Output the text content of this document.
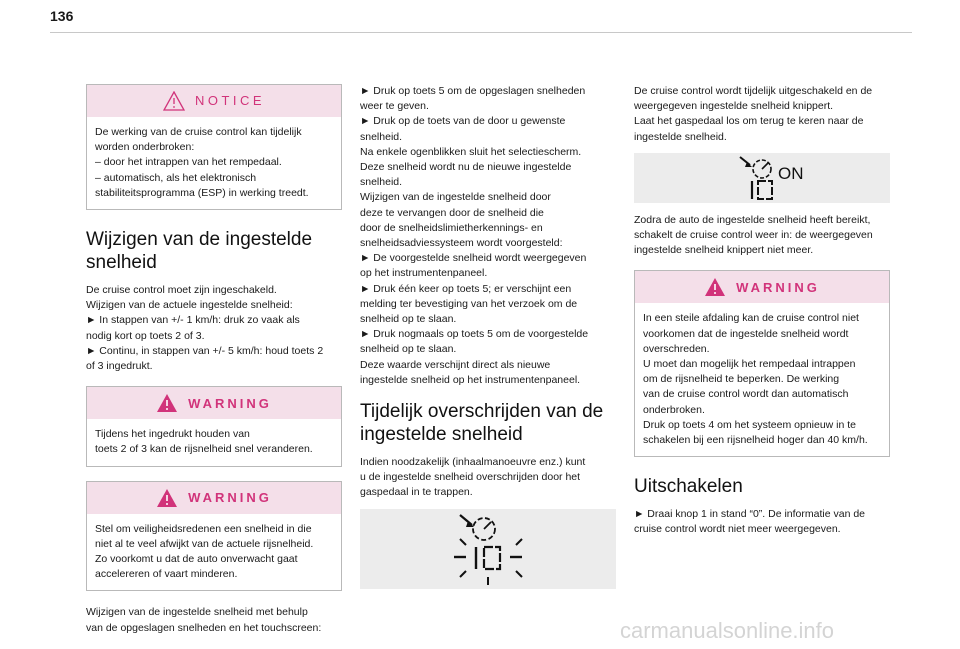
136
NOTICE

De werking van de cruise control kan tijdelijk

worden onderbroken:

– door het intrappen van het rempedaal.

– automatisch, als het elektronisch

stabiliteitsprogramma (ESP) in werking treedt.

Wijzigen van de ingestelde snelheid

De cruise control moet zijn ingeschakeld.

Wijzigen van de actuele ingestelde snelheid:

► In stappen van +/- 1 km/h: druk zo vaak als

nodig kort op toets 2 of 3.

► Continu, in stappen van +/- 5 km/h: houd toets 2

of 3 ingedrukt.

WARNING

Tijdens het ingedrukt houden van

toets 2 of 3 kan de rijsnelheid snel veranderen.

WARNING

Stel om veiligheidsredenen een snelheid in die

niet al te veel afwijkt van de actuele rijsnelheid.

Zo voorkomt u dat de auto onverwacht gaat

accelereren of vaart minderen.

Wijzigen van de ingestelde snelheid met behulp

van de opgeslagen snelheden en het touchscreen:

► Druk op toets 5 om de opgeslagen snelheden

weer te geven.

► Druk op de toets van de door u gewenste

snelheid.

Na enkele ogenblikken sluit het selectiescherm.

Deze snelheid wordt nu de nieuwe ingestelde

snelheid.

Wijzigen van de ingestelde snelheid door

deze te vervangen door de snelheid die

door de snelheidslimietherkennings- en

snelheidsadviessysteem wordt voorgesteld:

► De voorgestelde snelheid wordt weergegeven

op het instrumentenpaneel.

► Druk één keer op toets 5; er verschijnt een

melding ter bevestiging van het verzoek om de

snelheid op te slaan.

► Druk nogmaals op toets 5 om de voorgestelde

snelheid op te slaan.

Deze waarde verschijnt direct als nieuwe

ingestelde snelheid op het instrumentenpaneel.

Tijdelijk overschrijden van de ingestelde snelheid

Indien noodzakelijk (inhaalmanoeuvre enz.) kunt

u de ingestelde snelheid overschrijden door het

gaspedaal in te trappen.

De cruise control wordt tijdelijk uitgeschakeld en de

weergegeven ingestelde snelheid knippert.

Laat het gaspedaal los om terug te keren naar de

ingestelde snelheid.

ON

Zodra de auto de ingestelde snelheid heeft bereikt,

schakelt de cruise control weer in: de weergegeven

ingestelde snelheid knippert niet meer.

WARNING

In een steile afdaling kan de cruise control niet

voorkomen dat de ingestelde snelheid wordt

overschreden.

U moet dan mogelijk het rempedaal intrappen

om de rijsnelheid te beperken. De werking

van de cruise control wordt dan automatisch

onderbroken.

Druk op toets 4 om het systeem opnieuw in te

schakelen bij een rijsnelheid hoger dan 40 km/h.

Uitschakelen

► Draai knop 1 in stand “0”. De informatie van de

cruise control wordt niet meer weergegeven.

carmanualsonline.info
